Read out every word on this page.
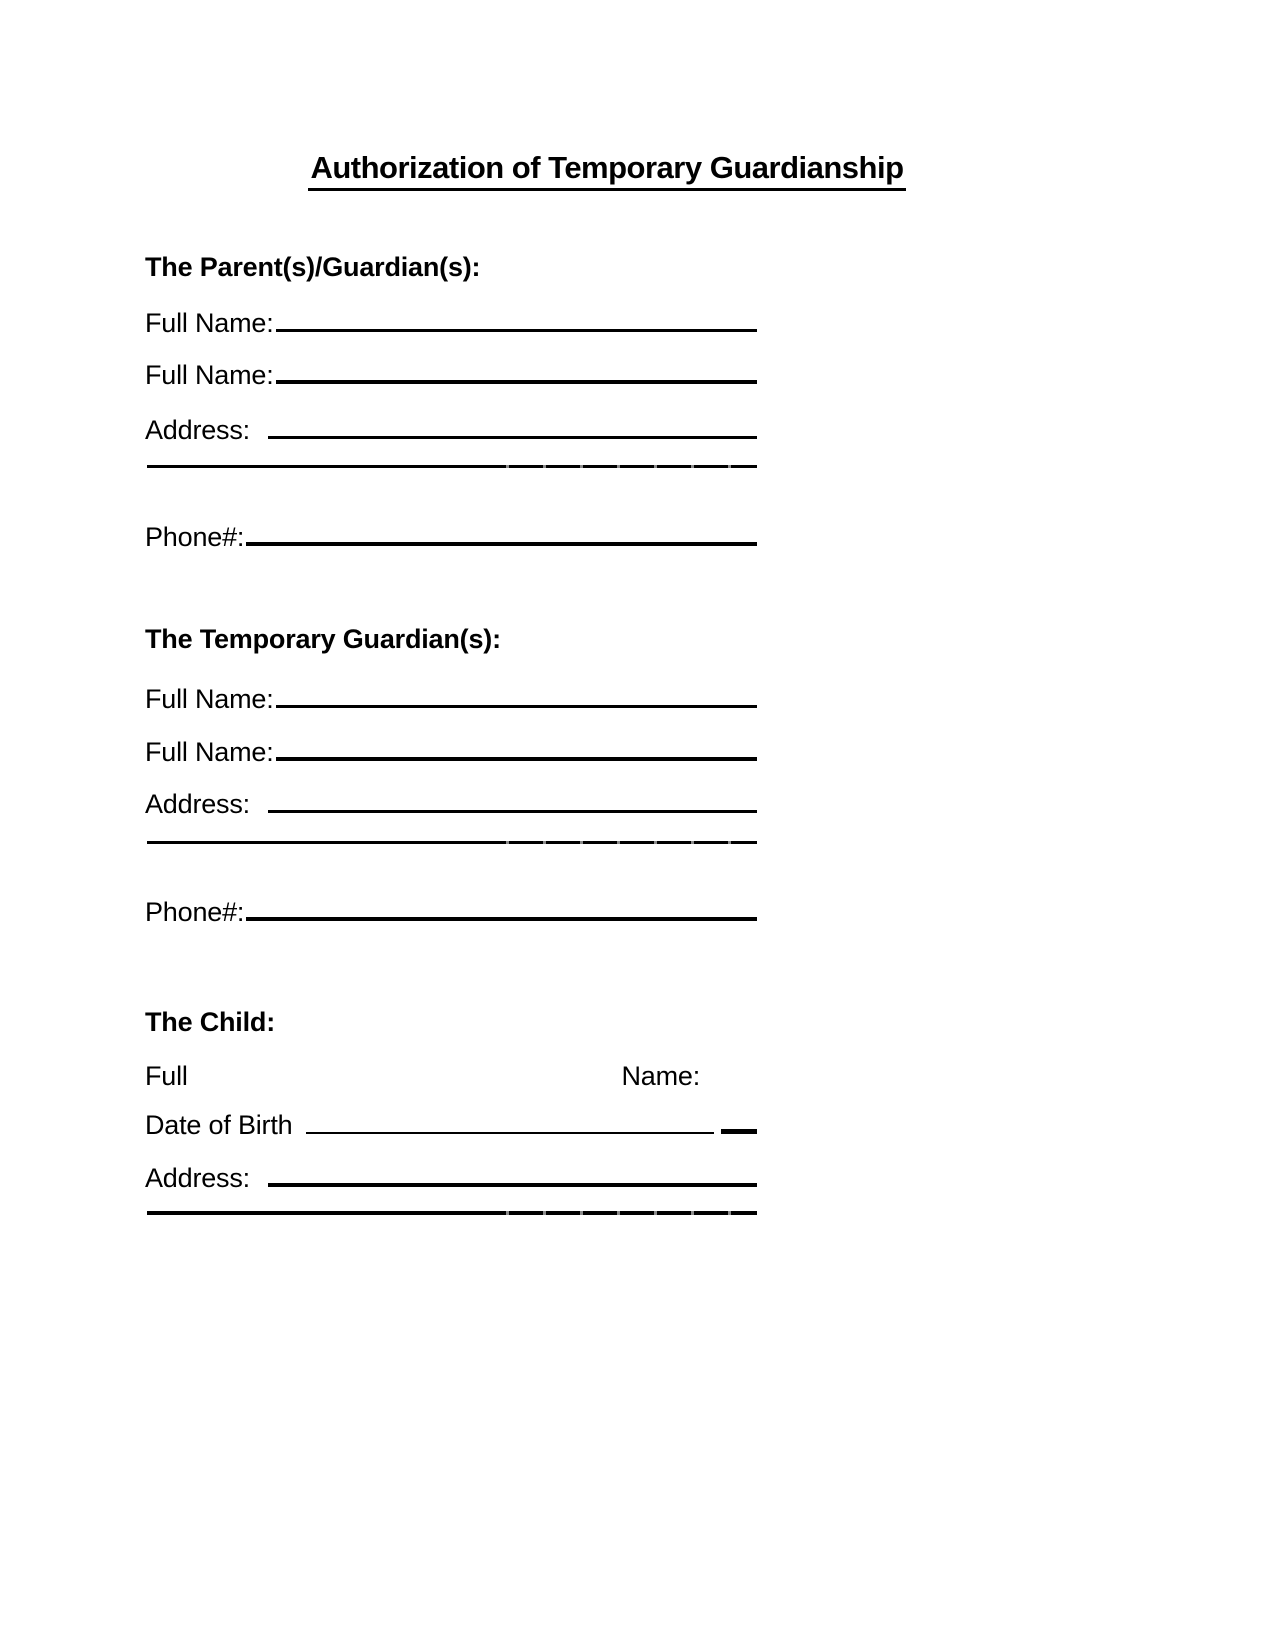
Authorization of Temporary Guardianship
The Parent(s)/Guardian(s):
Full Name:
Full Name:
Address:
Phone#:
The Temporary Guardian(s):
Full Name:
Full Name:
Address:
Phone#:
The Child:
Full	Name:
Date of Birth
Address:
